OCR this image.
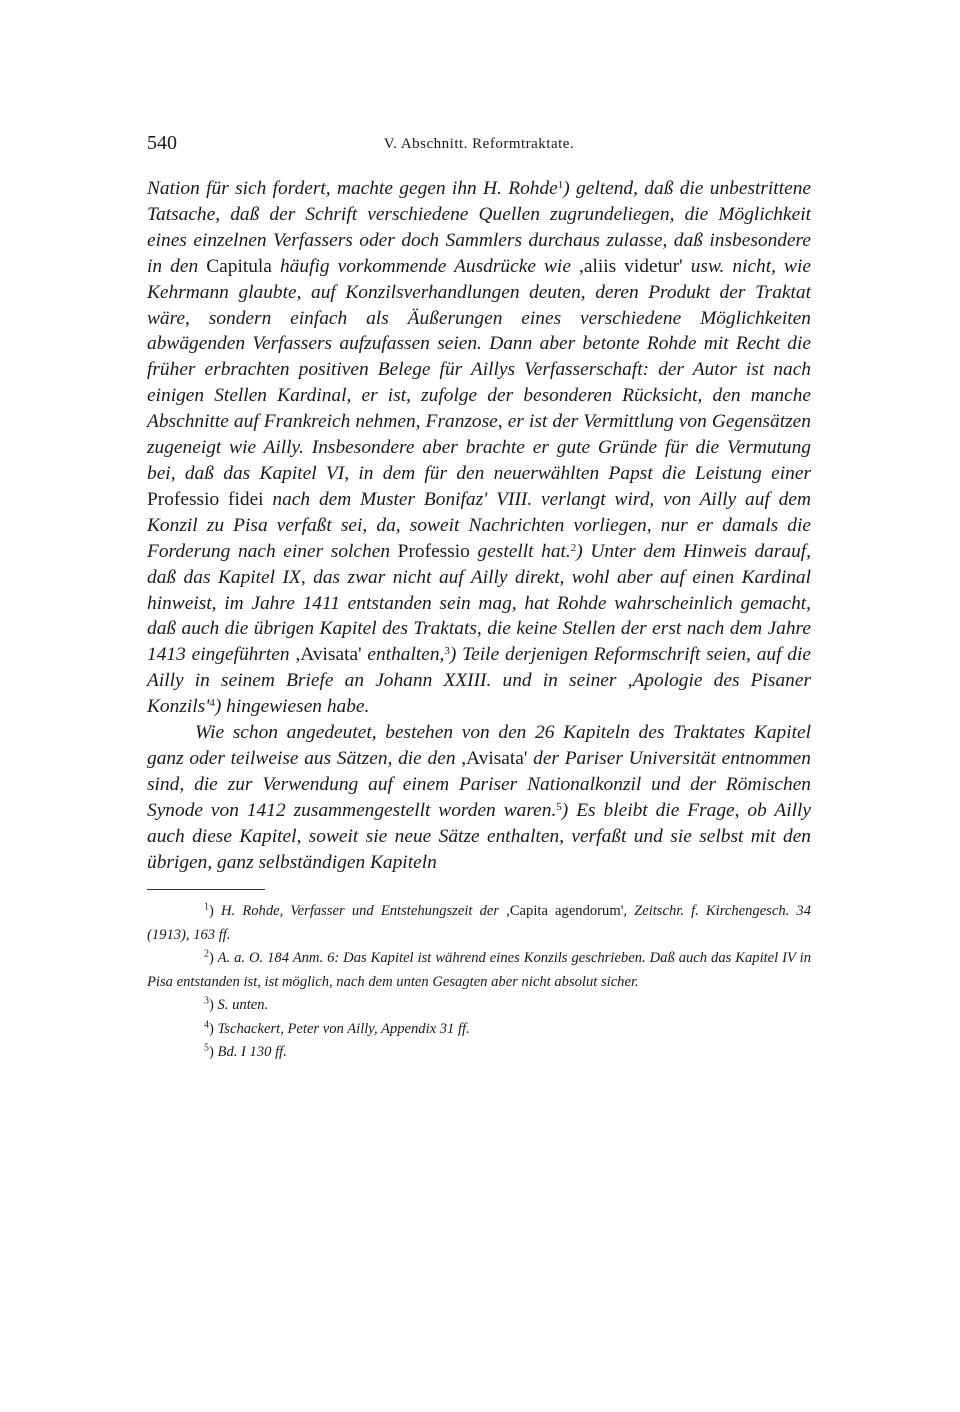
540	V. Abschnitt. Reformtraktate.

Nation für sich fordert, machte gegen ihn H. Rohde$^1$) geltend, daß die unbestrittene Tatsache, daß der Schrift verschiedene Quellen zugrundeliegen, die Möglichkeit eines einzelnen Verfassers oder doch Sammlers durchaus zulasse, daß insbesondere in den Capitula häufig vorkommende Ausdrücke wie ,aliis videtur' usw. nicht, wie Kehrmann glaubte, auf Konzilsverhandlungen deuten, deren Produkt der Traktat wäre, sondern einfach als Äußerungen eines verschiedene Möglichkeiten abwägenden Verfassers aufzufassen seien. Dann aber betonte Rohde mit Recht die früher erbrachten positiven Belege für Aillys Verfasserschaft: der Autor ist nach einigen Stellen Kardinal, er ist, zufolge der besonderen Rücksicht, den manche Abschnitte auf Frankreich nehmen, Franzose, er ist der Vermittlung von Gegensätzen zugeneigt wie Ailly. Insbesondere aber brachte er gute Gründe für die Vermutung bei, daß das Kapitel VI, in dem für den neuerwählten Papst die Leistung einer Professio fidei nach dem Muster Bonifaz' VIII. verlangt wird, von Ailly auf dem Konzil zu Pisa verfaßt sei, da, soweit Nachrichten vorliegen, nur er damals die Forderung nach einer solchen Professio gestellt hat.$^2$) Unter dem Hinweis darauf, daß das Kapitel IX, das zwar nicht auf Ailly direkt, wohl aber auf einen Kardinal hinweist, im Jahre 1411 entstanden sein mag, hat Rohde wahrscheinlich gemacht, daß auch die übrigen Kapitel des Traktats, die keine Stellen der erst nach dem Jahre 1413 eingeführten ,Avisata' enthalten,$^3$) Teile derjenigen Reformschrift seien, auf die Ailly in seinem Briefe an Johann XXIII. und in seiner ,Apologie des Pisaner $Konzils'^4$) hingewiesen habe.

Wie schon angedeutet, bestehen von den 26 Kapiteln des Traktates Kapitel ganz oder teilweise aus Sätzen, die den ,Avisata' der Pariser Universität entnommen sind, die zur Verwendung auf einem Pariser Nationalkonzil und der Römischen Synode von 1412 zusammengestellt worden waren.$^5$) Es bleibt die Frage, ob Ailly auch diese Kapitel, soweit sie neue Sätze enthalten, verfaßt und sie selbst mit den übrigen, ganz selbständigen Kapiteln

$^1$) H. Rohde, Verfasser und Entstehungszeit der ,Capita agendorum', Zeitschr. f. Kirchengesch. 34 (1913), 163 ff.

$^2$) A. a. O. 184 Anm. 6: Das Kapitel ist während eines Konzils geschrieben. Daß auch das Kapitel IV in Pisa entstanden ist, ist möglich, nach dem unten Gesagten aber nicht absolut sicher.

$^3$) S. unten.

$^4$) Tschackert, Peter von Ailly, Appendix 31 ff.

$^5$) Bd. I 130 ff.
